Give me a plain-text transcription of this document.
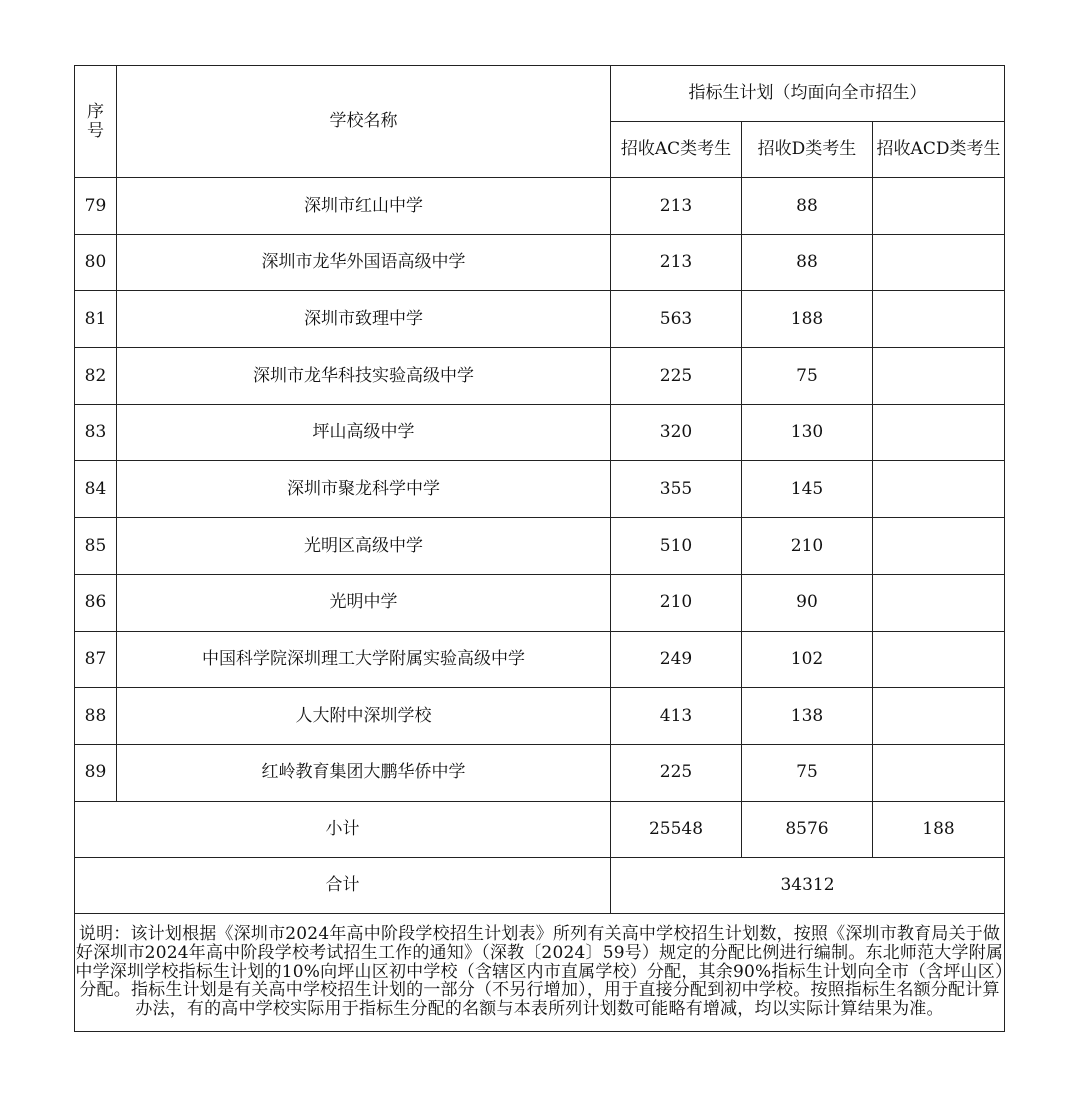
序
号	学校名称	指标生计划（均面向全市招生）		
		招收AC类考生	招收D类考生	招收ACD类考生
79	深圳市红山中学	213	88	
80	深圳市龙华外国语高级中学	213	88	
81	深圳市致理中学	563	188	
82	深圳市龙华科技实验高级中学	225	75	
83	坪山高级中学	320	130	
84	深圳市聚龙科学中学	355	145	
85	光明区高级中学	510	210	
86	光明中学	210	90	
87	中国科学院深圳理工大学附属实验高级中学	249	102	
88	人大附中深圳学校	413	138	
89	红岭教育集团大鹏华侨中学	225	75	
小计		25548	8576	188
合计		34312		
说明：该计划根据《深圳市2024年高中阶段学校招生计划表》所列有关高中学校招生计划数，按照《深圳市教育局关于做好深圳市2024年高中阶段学校考试招生工作的通知》（深教〔2024〕59号）规定的分配比例进行编制。东北师范大学附属中学深圳学校指标生计划的10%向坪山区初中学校（含辖区内市直属学校）分配，其余90%指标生计划向全市（含坪山区）分配。指标生计划是有关高中学校招生计划的一部分（不另行增加），用于直接分配到初中学校。按照指标生名额分配计算办法，有的高中学校实际用于指标生分配的名额与本表所列计划数可能略有增减，均以实际计算结果为准。				
